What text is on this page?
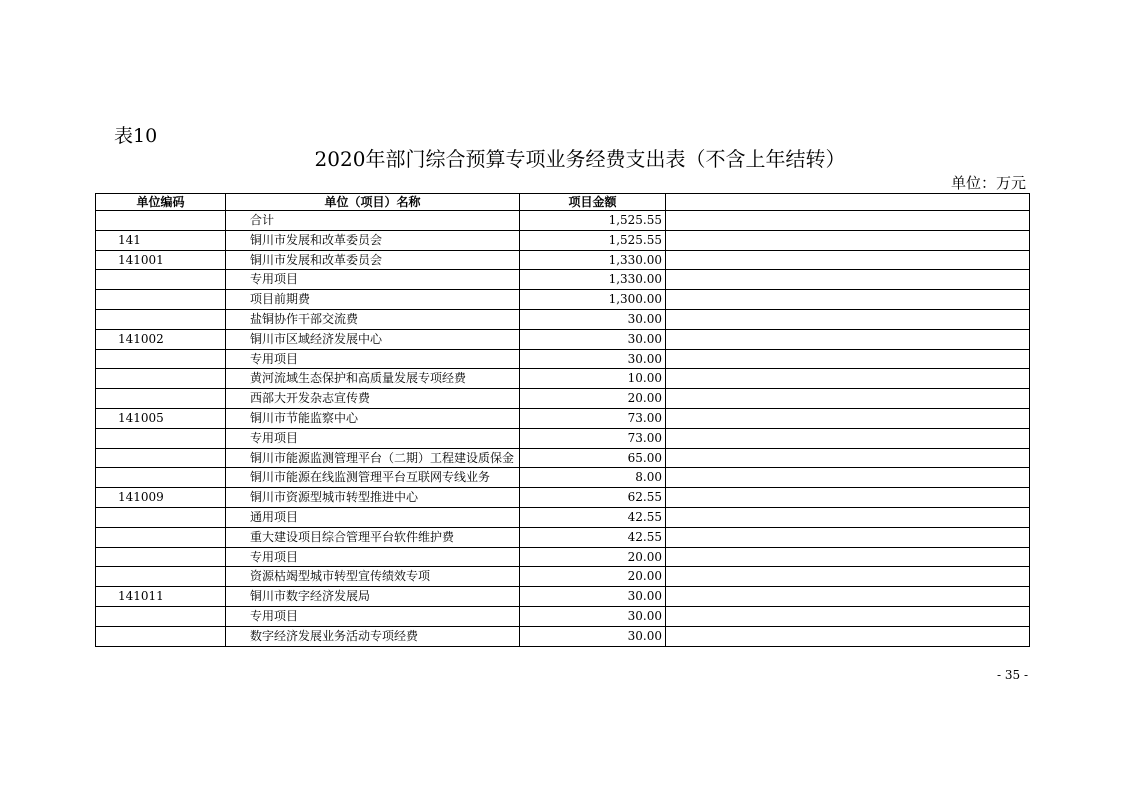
表10
2020年部门综合预算专项业务经费支出表（不含上年结转）
单位：万元
单位编码	单位（项目）名称	项目金额	
	合计	1,525.55	
141	铜川市发展和改革委员会	1,525.55	
141001	铜川市发展和改革委员会	1,330.00	
	专用项目	1,330.00	
	项目前期费	1,300.00	
	盐铜协作干部交流费	30.00	
141002	铜川市区域经济发展中心	30.00	
	专用项目	30.00	
	黄河流域生态保护和高质量发展专项经费	10.00	
	西部大开发杂志宣传费	20.00	
141005	铜川市节能监察中心	73.00	
	专用项目	73.00	
	铜川市能源监测管理平台（二期）工程建设质保金	65.00	
	铜川市能源在线监测管理平台互联网专线业务	8.00	
141009	铜川市资源型城市转型推进中心	62.55	
	通用项目	42.55	
	重大建设项目综合管理平台软件维护费	42.55	
	专用项目	20.00	
	资源枯竭型城市转型宣传绩效专项	20.00	
141011	铜川市数字经济发展局	30.00	
	专用项目	30.00	
	数字经济发展业务活动专项经费	30.00	
- 35 -
